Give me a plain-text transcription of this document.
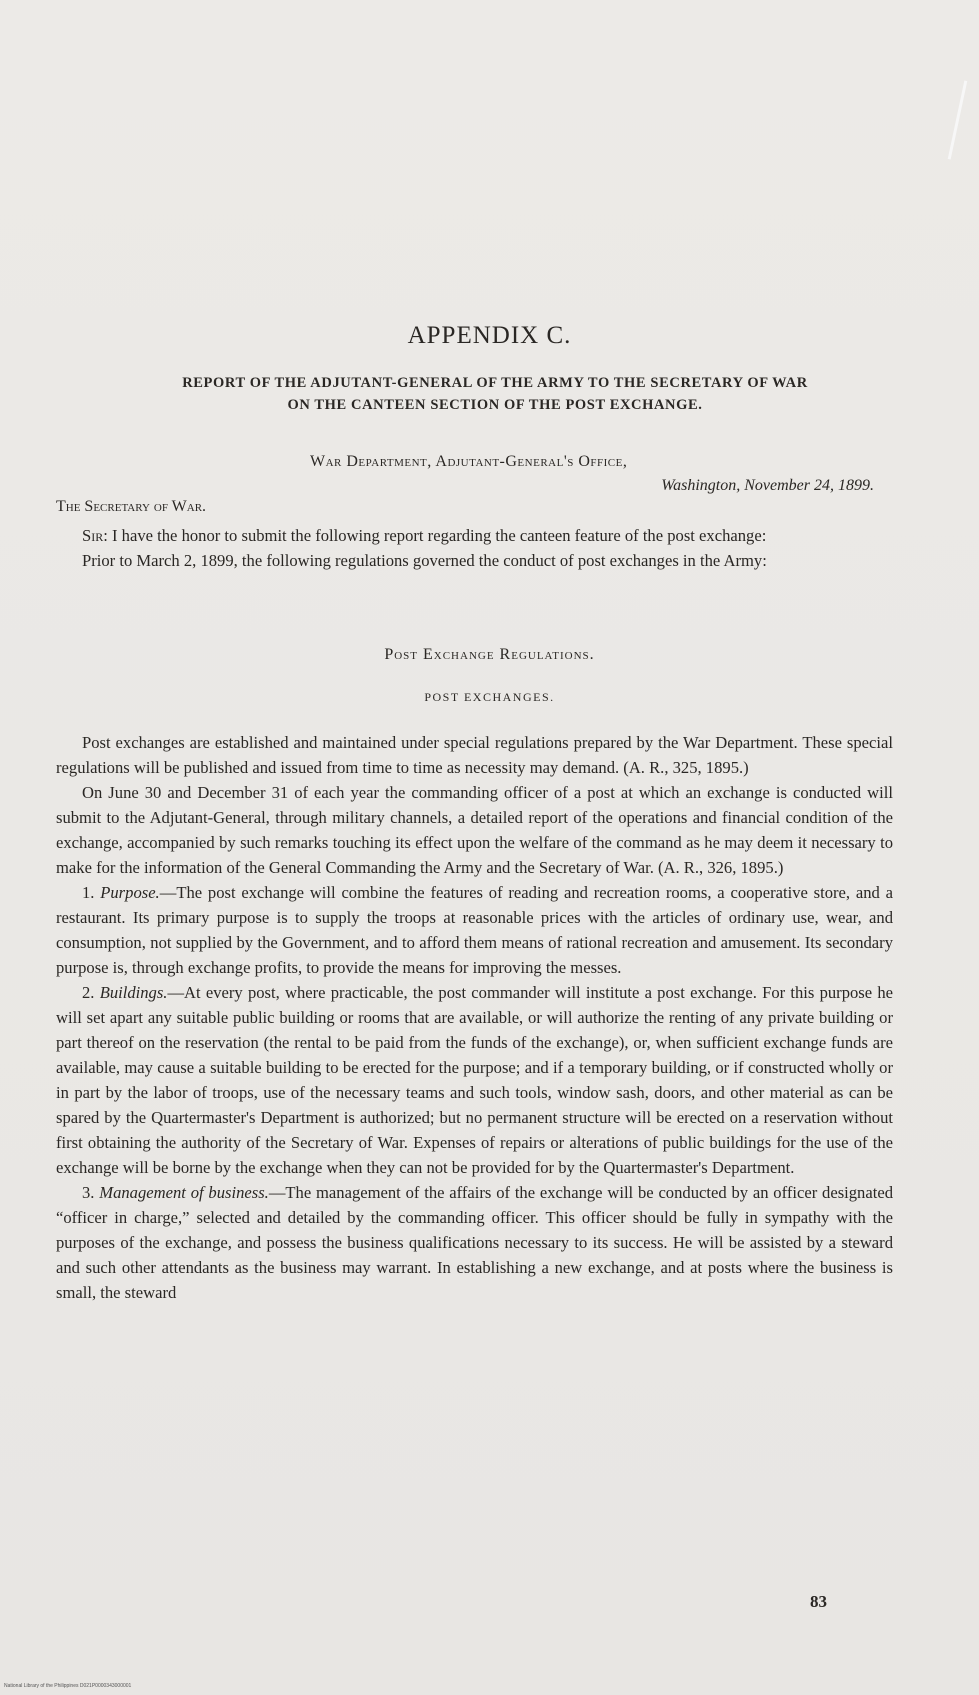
APPENDIX C.
REPORT OF THE ADJUTANT-GENERAL OF THE ARMY TO THE SECRETARY OF WAR
ON THE CANTEEN SECTION OF THE POST EXCHANGE.
War Department, Adjutant-General's Office,
Washington, November 24, 1899.
The Secretary of War.

Sir: I have the honor to submit the following report regarding the canteen feature of the post exchange:

Prior to March 2, 1899, the following regulations governed the conduct of post exchanges in the Army:

Post Exchange Regulations.
POST EXCHANGES.

Post exchanges are established and maintained under special regulations prepared by the War Department. These special regulations will be published and issued from time to time as necessity may demand. (A. R., 325, 1895.)

On June 30 and December 31 of each year the commanding officer of a post at which an exchange is conducted will submit to the Adjutant-General, through military channels, a detailed report of the operations and financial condition of the exchange, accompanied by such remarks touching its effect upon the welfare of the command as he may deem it necessary to make for the information of the General Commanding the Army and the Secretary of War. (A. R., 326, 1895.)

1. Purpose.—The post exchange will combine the features of reading and recreation rooms, a cooperative store, and a restaurant. Its primary purpose is to supply the troops at reasonable prices with the articles of ordinary use, wear, and consumption, not supplied by the Government, and to afford them means of rational recreation and amusement. Its secondary purpose is, through exchange profits, to provide the means for improving the messes.

2. Buildings.—At every post, where practicable, the post commander will institute a post exchange. For this purpose he will set apart any suitable public building or rooms that are available, or will authorize the renting of any private building or part thereof on the reservation (the rental to be paid from the funds of the exchange), or, when sufficient exchange funds are available, may cause a suitable building to be erected for the purpose; and if a temporary building, or if constructed wholly or in part by the labor of troops, use of the necessary teams and such tools, window sash, doors, and other material as can be spared by the Quartermaster's Department is authorized; but no permanent structure will be erected on a reservation without first obtaining the authority of the Secretary of War. Expenses of repairs or alterations of public buildings for the use of the exchange will be borne by the exchange when they can not be provided for by the Quartermaster's Department.

3. Management of business.—The management of the affairs of the exchange will be conducted by an officer designated “officer in charge,” selected and detailed by the commanding officer. This officer should be fully in sympathy with the purposes of the exchange, and possess the business qualifications necessary to its success. He will be assisted by a steward and such other attendants as the business may warrant. In establishing a new exchange, and at posts where the business is small, the steward

83
National Library of the Philippines D021P0000343000001
